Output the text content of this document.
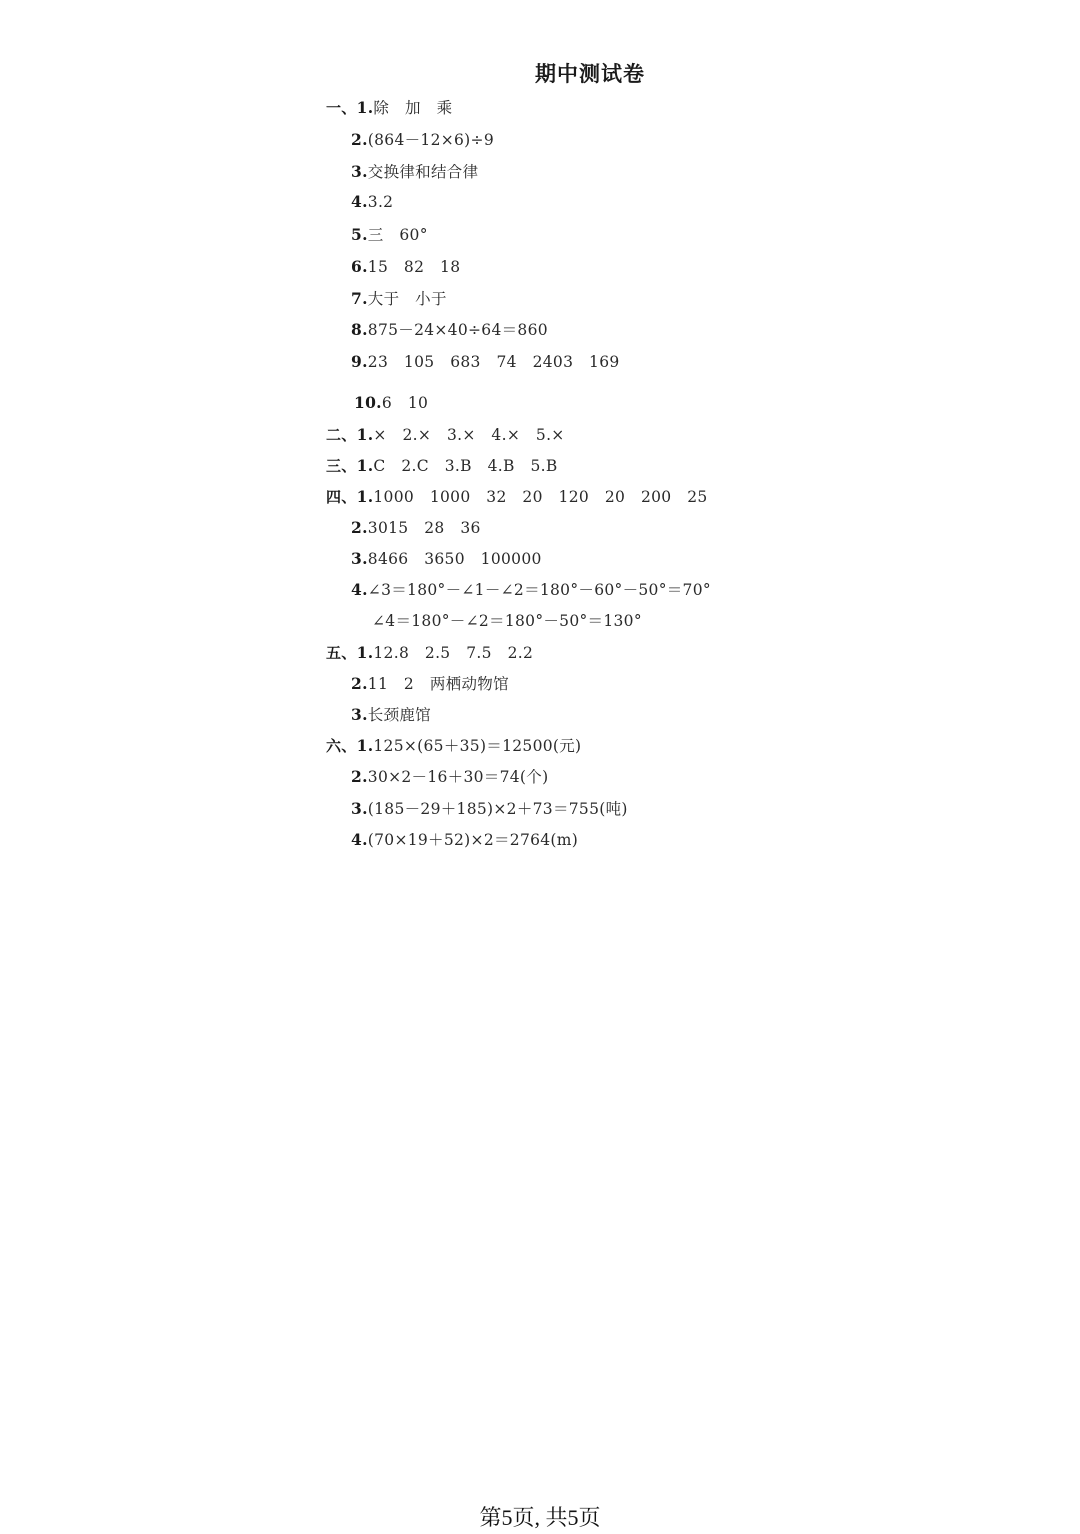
期中测试卷
一、1.除　加　乘
2.(864－12×6)÷9
3.交换律和结合律
4.3.2
5.三　60°
6.15　82　18
7.大于　小于
8.875－24×40÷64＝860
9.23　105　683　74　2403　169
10.6　10
二、1.×　2.×　3.×　4.×　5.×
三、1.C　2.C　3.B　4.B　5.B
四、1.1000　1000　32　20　120　20　200　25
2.3015　28　36
3.8466　3650　100000
4.∠3＝180°－∠1－∠2＝180°－60°－50°＝70°
∠4＝180°－∠2＝180°－50°＝130°
五、1.12.8　2.5　7.5　2.2
2.11　2　两栖动物馆
3.长颈鹿馆
六、1.125×(65＋35)＝12500(元)
2.30×2－16＋30＝74(个)
3.(185－29＋185)×2＋73＝755(吨)
4.(70×19＋52)×2＝2764(m)
第5页, 共5页
